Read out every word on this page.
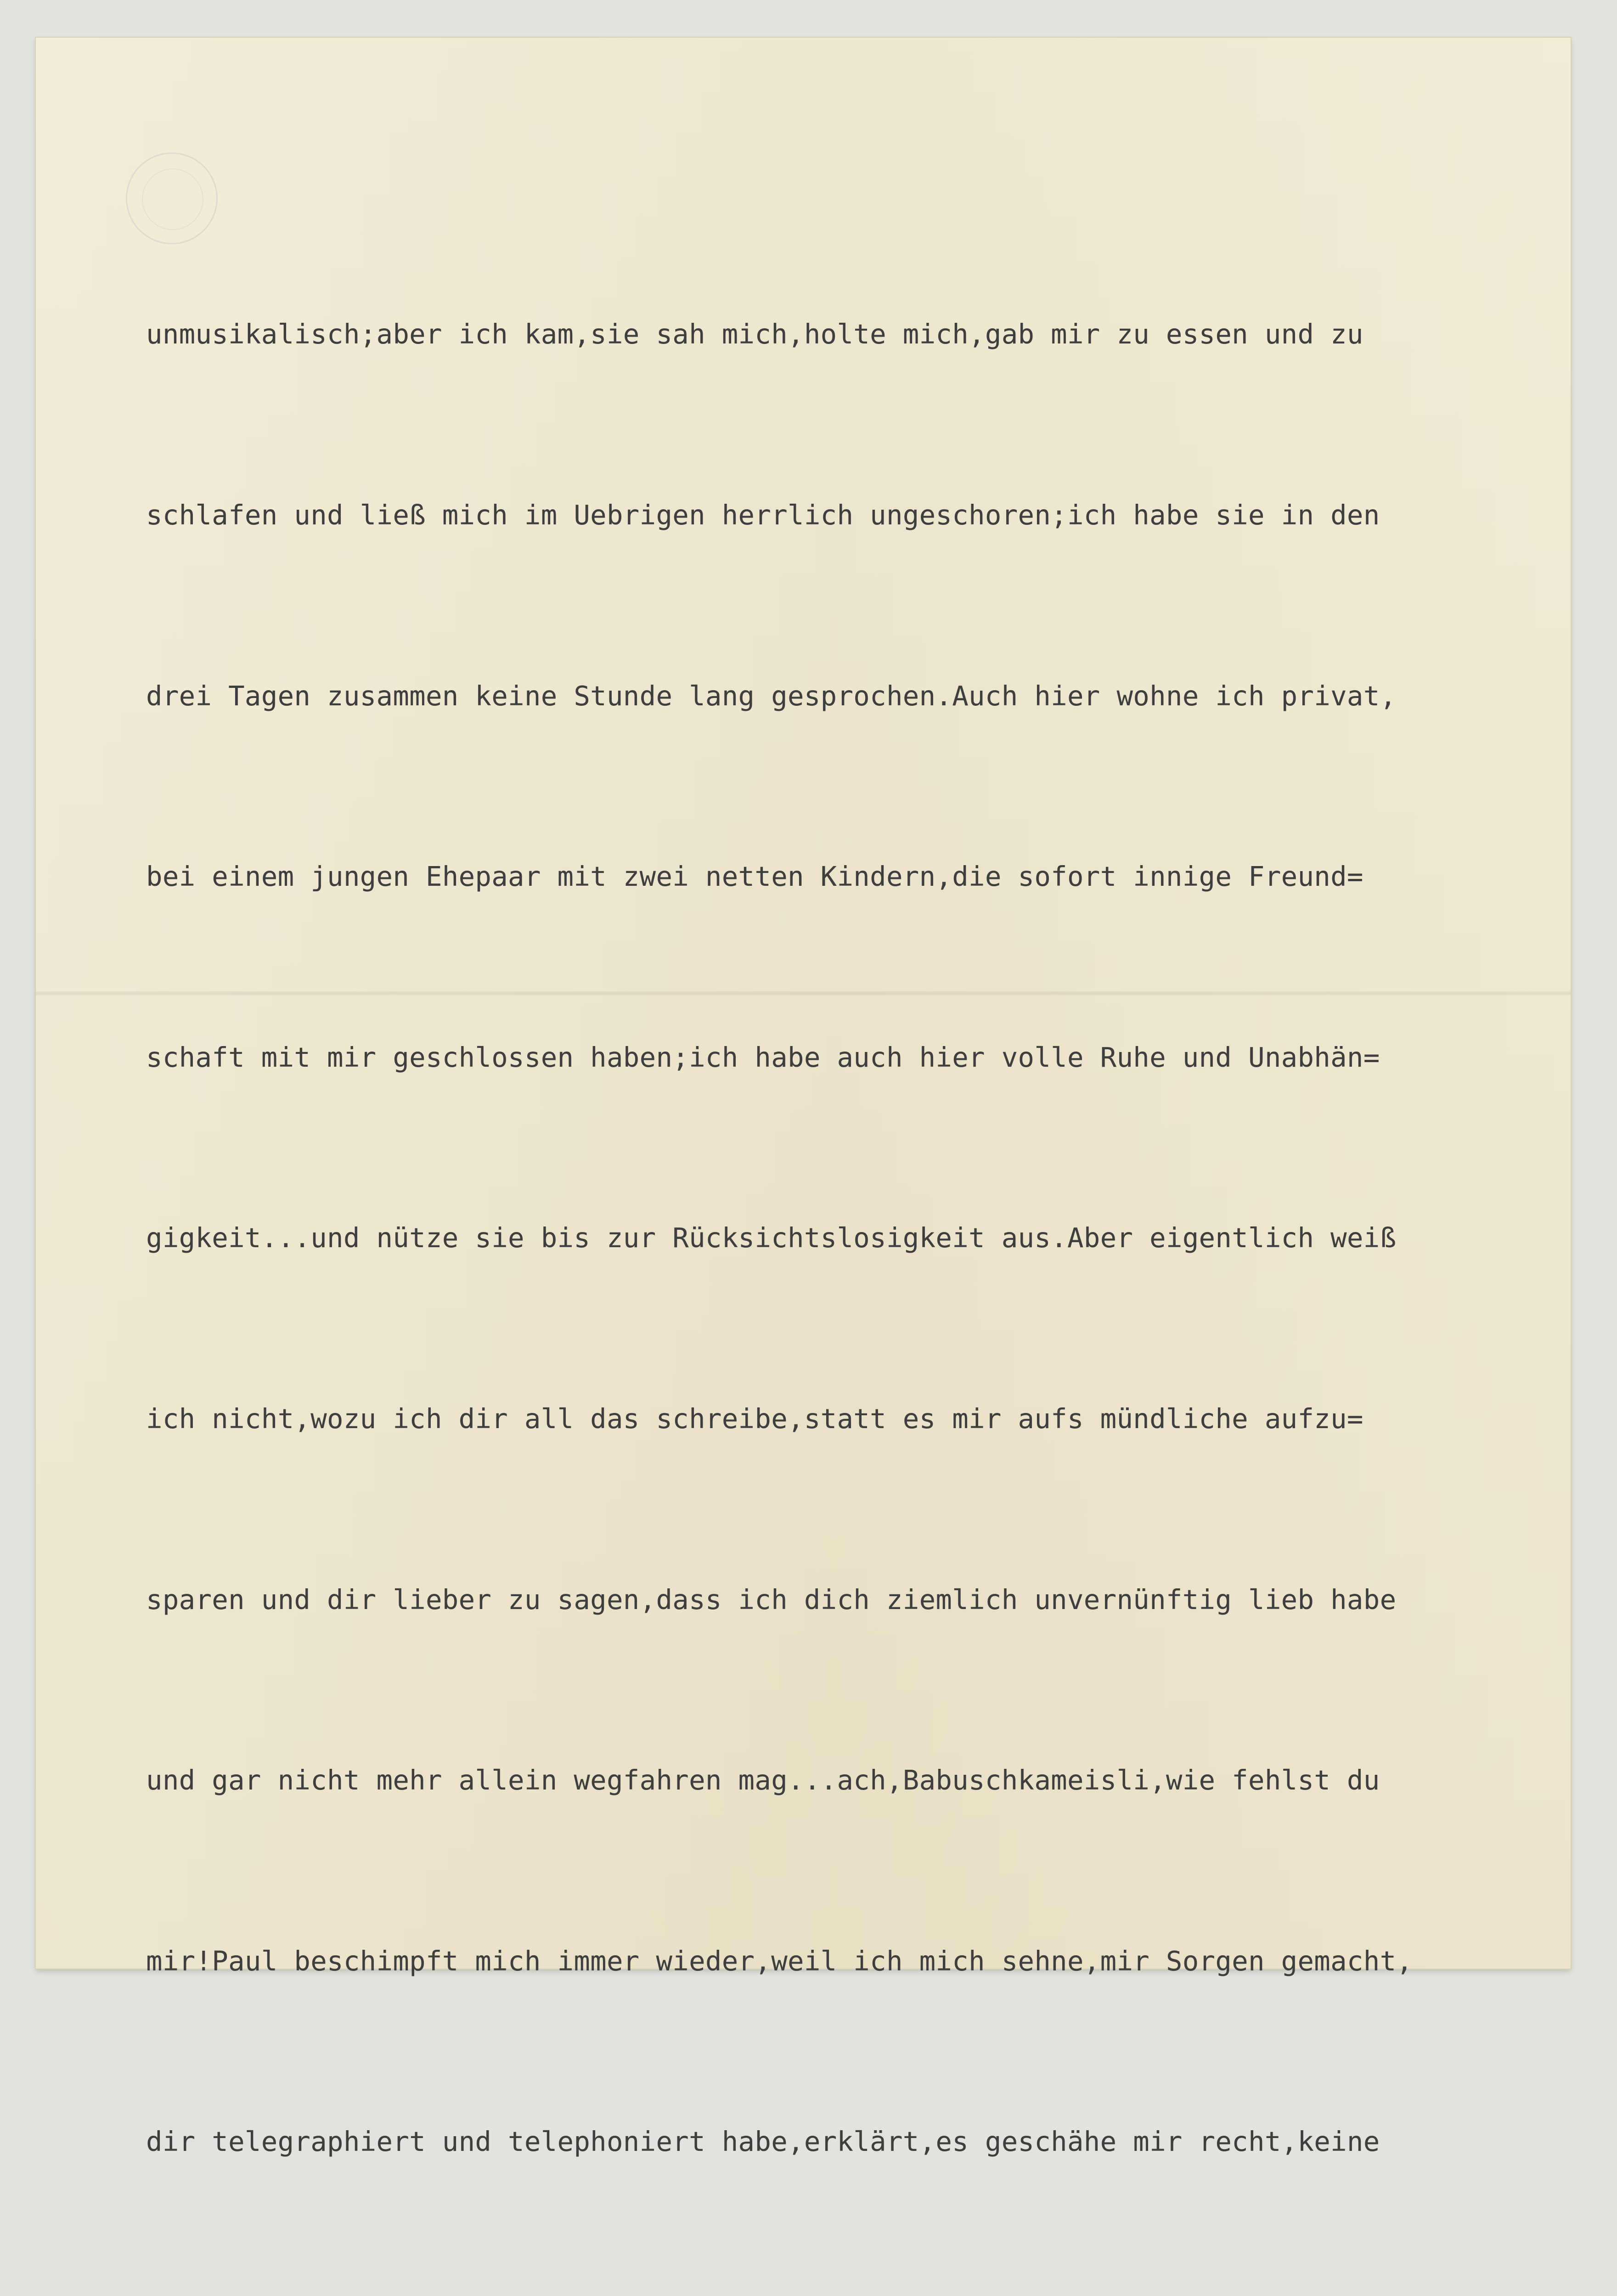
unmusikalisch;aber ich kam,sie sah mich,holte mich,gab mir zu essen und zu

schlafen und ließ mich im Uebrigen herrlich ungeschoren;ich habe sie in den

drei Tagen zusammen keine Stunde lang gesprochen.Auch hier wohne ich privat,

bei einem jungen Ehepaar mit zwei netten Kindern,die sofort innige Freund=

schaft mit mir geschlossen haben;ich habe auch hier volle Ruhe und Unabhän=

gigkeit...und nütze sie bis zur Rücksichtslosigkeit aus.Aber eigentlich weiß

ich nicht,wozu ich dir all das schreibe,statt es mir aufs mündliche aufzu=

sparen und dir lieber zu sagen,dass ich dich ziemlich unvernünftig lieb habe

und gar nicht mehr allein wegfahren mag...ach,Babuschkameisli,wie fehlst du

mir!Paul beschimpft mich immer wieder,weil ich mich sehne,mir Sorgen gemacht,

dir telegraphiert und telephoniert habe,erklärt,es geschähe mir recht,keine
